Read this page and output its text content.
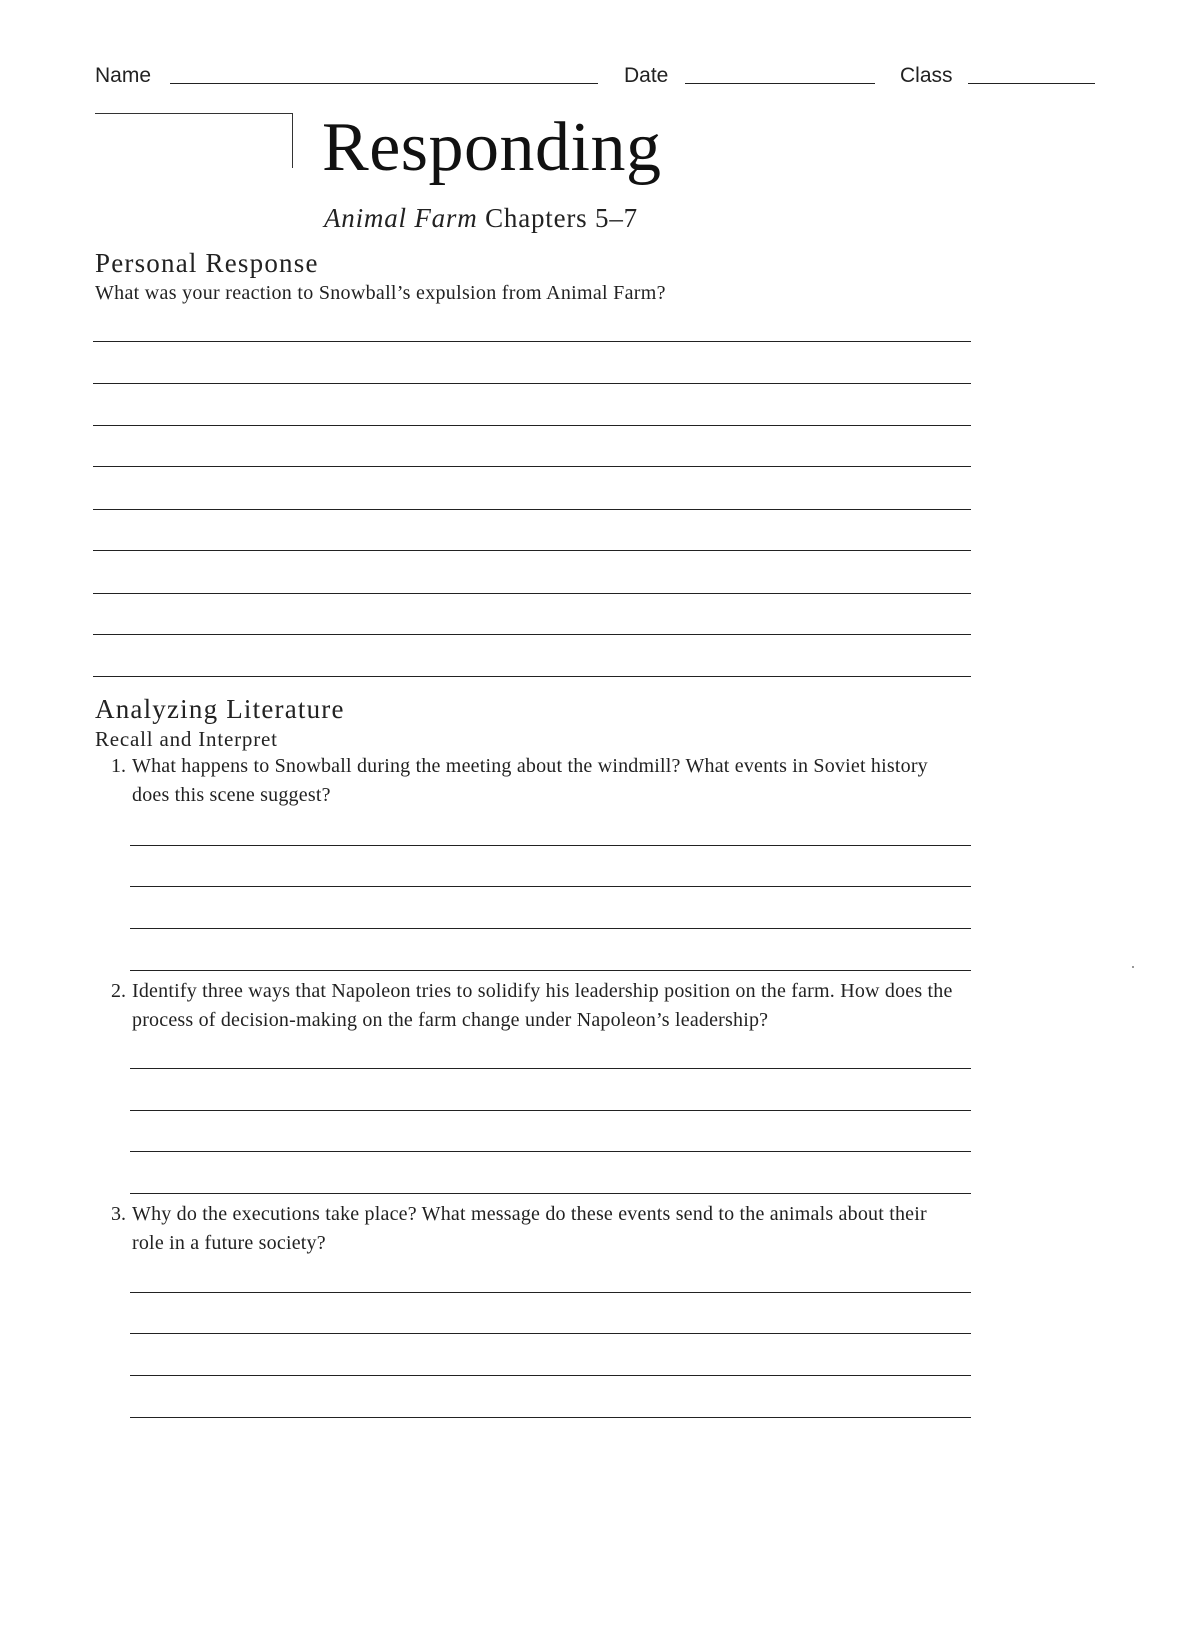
Name	Date	Class
Responding
Animal Farm Chapters 5–7
Personal Response
What was your reaction to Snowball’s expulsion from Animal Farm?
Analyzing Literature
Recall and Interpret
1. What happens to Snowball during the meeting about the windmill? What events in Soviet history does this scene suggest?
2. Identify three ways that Napoleon tries to solidify his leadership position on the farm. How does the process of decision-making on the farm change under Napoleon’s leadership?
3. Why do the executions take place? What message do these events send to the animals about their role in a future society?
